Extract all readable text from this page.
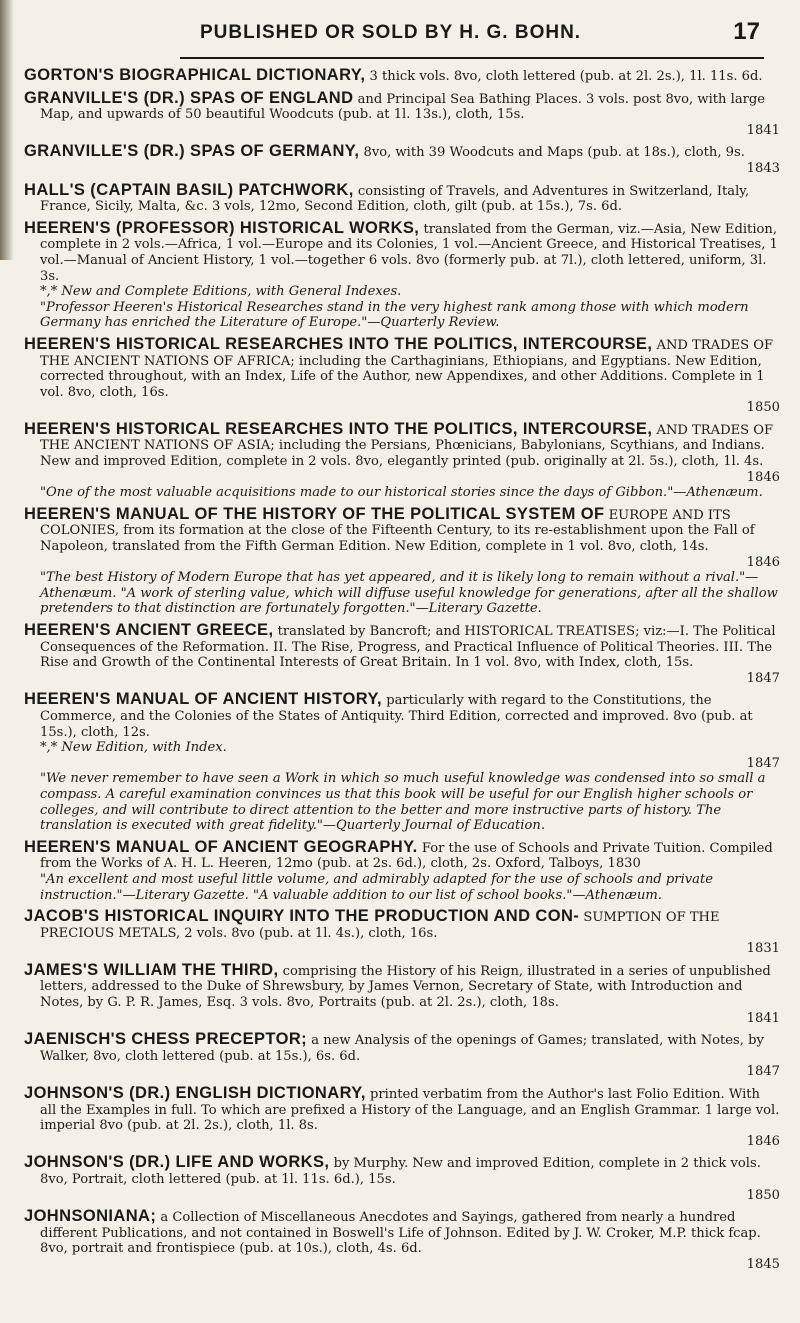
PUBLISHED OR SOLD BY H. G. BOHN.	17
GORTON'S BIOGRAPHICAL DICTIONARY, 3 thick vols. 8vo, cloth lettered (pub. at 2l. 2s.), 1l. 11s. 6d.
GRANVILLE'S (DR.) SPAS OF ENGLAND and Principal Sea Bathing Places. 3 vols. post 8vo, with large Map, and upwards of 50 beautiful Woodcuts (pub. at 1l. 13s.), cloth, 15s.
1841
GRANVILLE'S (DR.) SPAS OF GERMANY, 8vo, with 39 Woodcuts and Maps (pub. at 18s.), cloth, 9s.
1843
HALL'S (CAPTAIN BASIL) PATCHWORK, consisting of Travels, and Adventures in Switzerland, Italy, France, Sicily, Malta, &c. 3 vols, 12mo, Second Edition, cloth, gilt (pub. at 15s.), 7s. 6d.
HEEREN'S (PROFESSOR) HISTORICAL WORKS, translated from the German, viz.—Asia, New Edition, complete in 2 vols.—Africa, 1 vol.—Europe and its Colonies, 1 vol.—Ancient Greece, and Historical Treatises, 1 vol.—Manual of Ancient History, 1 vol.—together 6 vols. 8vo (formerly pub. at 7l.), cloth lettered, uniform, 3l. 3s.
*,* New and Complete Editions, with General Indexes.
"Professor Heeren's Historical Researches stand in the very highest rank among those with which modern Germany has enriched the Literature of Europe."—Quarterly Review.
HEEREN'S HISTORICAL RESEARCHES INTO THE POLITICS, INTERCOURSE, AND TRADES OF THE ANCIENT NATIONS OF AFRICA; including the Carthaginians, Ethiopians, and Egyptians. New Edition, corrected throughout, with an Index, Life of the Author, new Appendixes, and other Additions. Complete in 1 vol. 8vo, cloth, 16s.
1850
HEEREN'S HISTORICAL RESEARCHES INTO THE POLITICS, INTERCOURSE, AND TRADES OF THE ANCIENT NATIONS OF ASIA; including the Persians, Phœnicians, Babylonians, Scythians, and Indians. New and improved Edition, complete in 2 vols. 8vo, elegantly printed (pub. originally at 2l. 5s.), cloth, 1l. 4s.
1846
"One of the most valuable acquisitions made to our historical stories since the days of Gibbon."—Athenæum.
HEEREN'S MANUAL OF THE HISTORY OF THE POLITICAL SYSTEM OF EUROPE AND ITS COLONIES, from its formation at the close of the Fifteenth Century, to its re-establishment upon the Fall of Napoleon, translated from the Fifth German Edition. New Edition, complete in 1 vol. 8vo, cloth, 14s.
1846
"The best History of Modern Europe that has yet appeared, and it is likely long to remain without a rival."—Athenæum. "A work of sterling value, which will diffuse useful knowledge for generations, after all the shallow pretenders to that distinction are fortunately forgotten."—Literary Gazette.
HEEREN'S ANCIENT GREECE, translated by Bancroft; and HISTORICAL TREATISES; viz:—I. The Political Consequences of the Reformation. II. The Rise, Progress, and Practical Influence of Political Theories. III. The Rise and Growth of the Continental Interests of Great Britain. In 1 vol. 8vo, with Index, cloth, 15s.
1847
HEEREN'S MANUAL OF ANCIENT HISTORY, particularly with regard to the Constitutions, the Commerce, and the Colonies of the States of Antiquity. Third Edition, corrected and improved. 8vo (pub. at 15s.), cloth, 12s.
*,* New Edition, with Index.
1847
"We never remember to have seen a Work in which so much useful knowledge was condensed into so small a compass. A careful examination convinces us that this book will be useful for our English higher schools or colleges, and will contribute to direct attention to the better and more instructive parts of history. The translation is executed with great fidelity."—Quarterly Journal of Education.
HEEREN'S MANUAL OF ANCIENT GEOGRAPHY. For the use of Schools and Private Tuition. Compiled from the Works of A. H. L. Heeren, 12mo (pub. at 2s. 6d.), cloth, 2s. Oxford, Talboys, 1830
"An excellent and most useful little volume, and admirably adapted for the use of schools and private instruction."—Literary Gazette. "A valuable addition to our list of school books."—Athenæum.
JACOB'S HISTORICAL INQUIRY INTO THE PRODUCTION AND CON- SUMPTION OF THE PRECIOUS METALS, 2 vols. 8vo (pub. at 1l. 4s.), cloth, 16s.
1831
JAMES'S WILLIAM THE THIRD, comprising the History of his Reign, illustrated in a series of unpublished letters, addressed to the Duke of Shrewsbury, by James Vernon, Secretary of State, with Introduction and Notes, by G. P. R. James, Esq. 3 vols. 8vo, Portraits (pub. at 2l. 2s.), cloth, 18s.
1841
JAENISCH'S CHESS PRECEPTOR; a new Analysis of the openings of Games; translated, with Notes, by Walker, 8vo, cloth lettered (pub. at 15s.), 6s. 6d.
1847
JOHNSON'S (DR.) ENGLISH DICTIONARY, printed verbatim from the Author's last Folio Edition. With all the Examples in full. To which are prefixed a History of the Language, and an English Grammar. 1 large vol. imperial 8vo (pub. at 2l. 2s.), cloth, 1l. 8s.
1846
JOHNSON'S (DR.) LIFE AND WORKS, by Murphy. New and improved Edition, complete in 2 thick vols. 8vo, Portrait, cloth lettered (pub. at 1l. 11s. 6d.), 15s.
1850
JOHNSONIANA; a Collection of Miscellaneous Anecdotes and Sayings, gathered from nearly a hundred different Publications, and not contained in Boswell's Life of Johnson. Edited by J. W. Croker, M.P. thick fcap. 8vo, portrait and frontispiece (pub. at 10s.), cloth, 4s. 6d.
1845
